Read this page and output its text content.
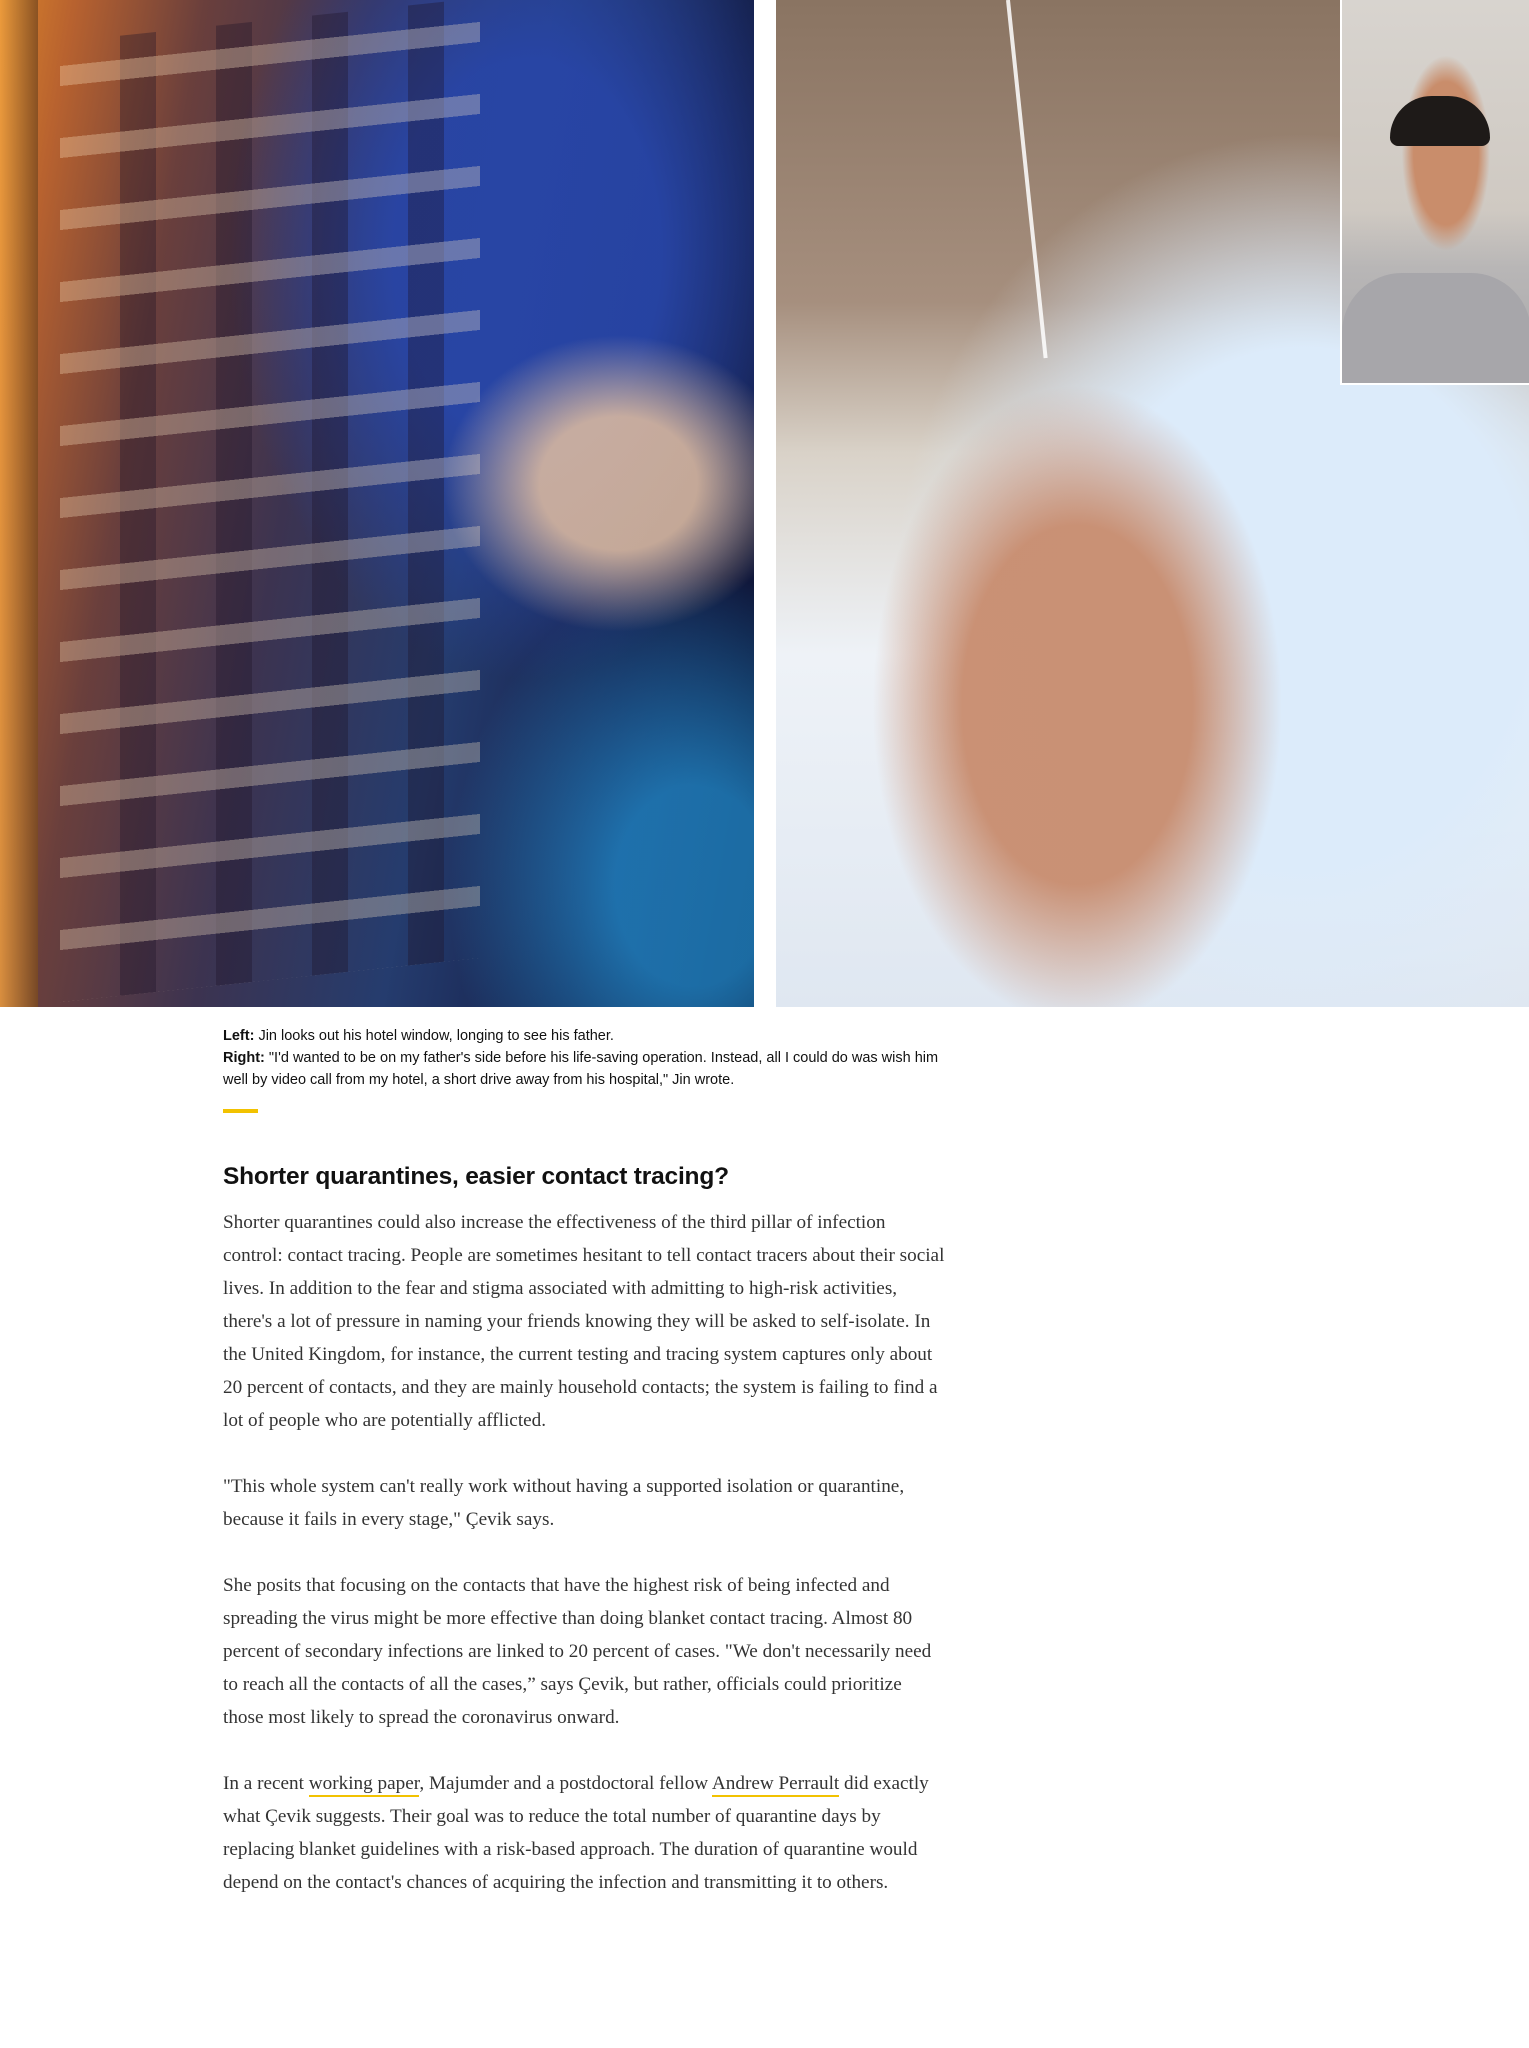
Left: Jin looks out his hotel window, longing to see his father.
Right: "I'd wanted to be on my father's side before his life-saving operation. Instead, all I could do was wish him well by video call from my hotel, a short drive away from his hospital," Jin wrote.
Shorter quarantines, easier contact tracing?

Shorter quarantines could also increase the effectiveness of the third pillar of infection control: contact tracing. People are sometimes hesitant to tell contact tracers about their social lives. In addition to the fear and stigma associated with admitting to high-risk activities, there's a lot of pressure in naming your friends knowing they will be asked to self-isolate. In the United Kingdom, for instance, the current testing and tracing system captures only about 20 percent of contacts, and they are mainly household contacts; the system is failing to find a lot of people who are potentially afflicted.

"This whole system can't really work without having a supported isolation or quarantine, because it fails in every stage," Çevik says.

She posits that focusing on the contacts that have the highest risk of being infected and spreading the virus might be more effective than doing blanket contact tracing. Almost 80 percent of secondary infections are linked to 20 percent of cases. "We don't necessarily need to reach all the contacts of all the cases,” says Çevik, but rather, officials could prioritize those most likely to spread the coronavirus onward.

In a recent working paper, Majumder and a postdoctoral fellow Andrew Perrault did exactly what Çevik suggests. Their goal was to reduce the total number of quarantine days by replacing blanket guidelines with a risk-based approach. The duration of quarantine would depend on the contact's chances of acquiring the infection and transmitting it to others.
